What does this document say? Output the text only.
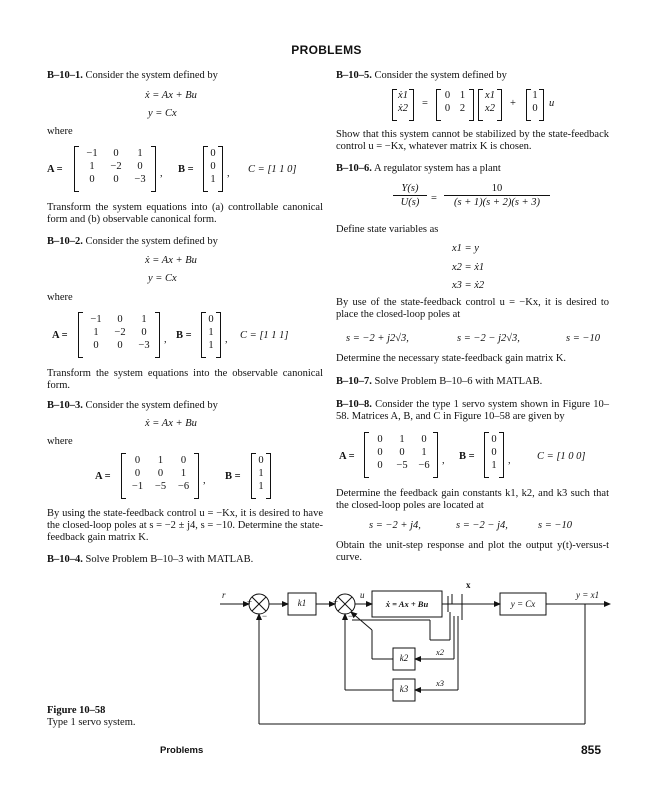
PROBLEMS
B–10–1. Consider the system defined by
ẋ = Ax + Bu
y = Cx
where
A =
−1	0	1
1	−2	0
0	0	−3
, B =
0
0
1
, C = [1 1 0]
Transform the system equations into (a) controllable canonical form and (b) observable canonical form.
B–10–2. Consider the system defined by
ẋ = Ax + Bu
y = Cx
where
A =
−1	0	1
1	−2	0
0	0	−3
, B =
0
1
1
, C = [1 1 1]
Transform the system equations into the observable canonical form.
B–10–3. Consider the system defined by
ẋ = Ax + Bu
where
A =
0	1	0
0	0	1
−1	−5	−6
, B =
0
1
1
By using the state-feedback control u = −Kx, it is desired to have the closed-loop poles at s = −2 ± j4, s = −10. Determine the state-feedback gain matrix K.
B–10–4. Solve Problem B–10–3 with MATLAB.
B–10–5. Consider the system defined by
ẋ1
ẋ2 =
0 1
0 2
x1
x2	+
1
0	u
Show that this system cannot be stabilized by the state-feedback control u = −Kx, whatever matrix K is chosen.
B–10–6. A regulator system has a plant
$\frac{Y(s)}{U(s)} = \frac{10}{(s + 1)(s + 2)(s + 3)}$
Define state variables as
x1 = y
x2 = ẋ1
x3 = ẋ2
By use of the state-feedback control u = −Kx, it is desired to place the closed-loop poles at
s = −2 + j2√3,	s = −2 − j2√3,	s = −10
Determine the necessary state-feedback gain matrix K.
B–10–7. Solve Problem B–10–6 with MATLAB.
B–10–8. Consider the type 1 servo system shown in Figure 10–58. Matrices A, B, and C in Figure 10–58 are given by
A =
0	1	0
0	0	1
0	−5	−6	, B =
0
0
1	,	C = [1 0 0]
Determine the feedback gain constants k1, k2, and k3 such that the closed-loop poles are located at
s = −2 + j4,	s = −2 − j4,	s = −10
Obtain the unit-step response and plot the output y(t)-versus-t curve.
r
+
−
k1	+
−
u
ẋ = Ax + Bu
x
y = Cx
y = x1
k2
x2
k3
x3
Figure 10–58
Type 1 servo system.
Problems	855
